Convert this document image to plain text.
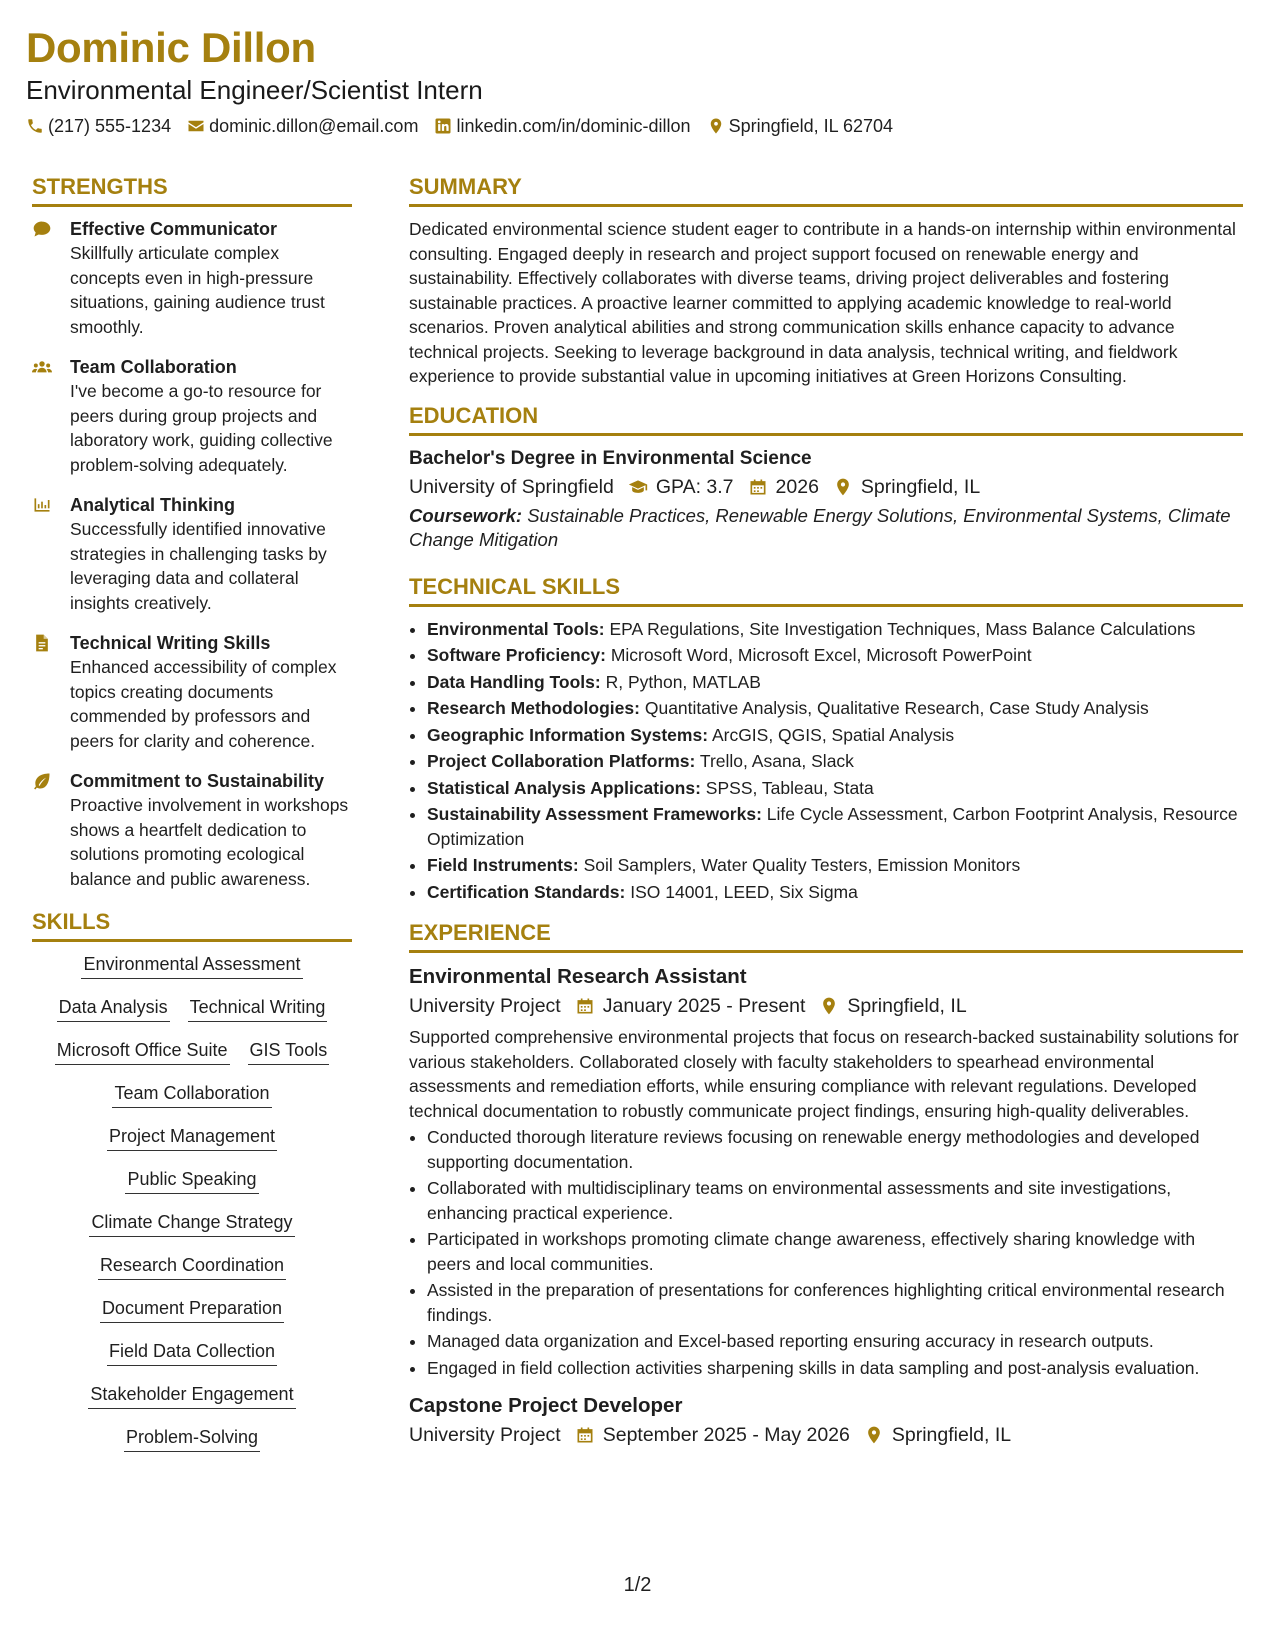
Dominic Dillon
Environmental Engineer/Scientist Intern
(217) 555-1234 dominic.dillon@email.com linkedin.com/in/dominic-dillon Springfield, IL 62704
STRENGTHS
Effective Communicator
Skillfully articulate complex concepts even in high-pressure situations, gaining audience trust smoothly.
Team Collaboration
I've become a go-to resource for peers during group projects and laboratory work, guiding collective problem-solving adequately.
Analytical Thinking
Successfully identified innovative strategies in challenging tasks by leveraging data and collateral insights creatively.
Technical Writing Skills
Enhanced accessibility of complex topics creating documents commended by professors and peers for clarity and coherence.
Commitment to Sustainability
Proactive involvement in workshops shows a heartfelt dedication to solutions promoting ecological balance and public awareness.
SKILLS
Environmental Assessment
Data Analysis Technical Writing
Microsoft Office Suite GIS Tools
Team Collaboration
Project Management
Public Speaking
Climate Change Strategy
Research Coordination
Document Preparation
Field Data Collection
Stakeholder Engagement
Problem-Solving
SUMMARY
Dedicated environmental science student eager to contribute in a hands-on internship within environmental consulting. Engaged deeply in research and project support focused on renewable energy and sustainability. Effectively collaborates with diverse teams, driving project deliverables and fostering sustainable practices. A proactive learner committed to applying academic knowledge to real-world scenarios. Proven analytical abilities and strong communication skills enhance capacity to advance technical projects. Seeking to leverage background in data analysis, technical writing, and fieldwork experience to provide substantial value in upcoming initiatives at Green Horizons Consulting.
EDUCATION
Bachelor's Degree in Environmental Science
University of Springfield GPA: 3.7 2026 Springfield, IL
Coursework: Sustainable Practices, Renewable Energy Solutions, Environmental Systems, Climate Change Mitigation
TECHNICAL SKILLS
• Environmental Tools: EPA Regulations, Site Investigation Techniques, Mass Balance Calculations
• Software Proficiency: Microsoft Word, Microsoft Excel, Microsoft PowerPoint
• Data Handling Tools: R, Python, MATLAB
• Research Methodologies: Quantitative Analysis, Qualitative Research, Case Study Analysis
• Geographic Information Systems: ArcGIS, QGIS, Spatial Analysis
• Project Collaboration Platforms: Trello, Asana, Slack
• Statistical Analysis Applications: SPSS, Tableau, Stata
• Sustainability Assessment Frameworks: Life Cycle Assessment, Carbon Footprint Analysis, Resource Optimization
• Field Instruments: Soil Samplers, Water Quality Testers, Emission Monitors
• Certification Standards: ISO 14001, LEED, Six Sigma
EXPERIENCE
Environmental Research Assistant
University Project January 2025 - Present Springfield, IL
Supported comprehensive environmental projects that focus on research-backed sustainability solutions for various stakeholders. Collaborated closely with faculty stakeholders to spearhead environmental assessments and remediation efforts, while ensuring compliance with relevant regulations. Developed technical documentation to robustly communicate project findings, ensuring high-quality deliverables.
• Conducted thorough literature reviews focusing on renewable energy methodologies and developed supporting documentation.
• Collaborated with multidisciplinary teams on environmental assessments and site investigations, enhancing practical experience.
• Participated in workshops promoting climate change awareness, effectively sharing knowledge with peers and local communities.
• Assisted in the preparation of presentations for conferences highlighting critical environmental research findings.
• Managed data organization and Excel-based reporting ensuring accuracy in research outputs.
• Engaged in field collection activities sharpening skills in data sampling and post-analysis evaluation.
Capstone Project Developer
University Project September 2025 - May 2026 Springfield, IL
1/2
